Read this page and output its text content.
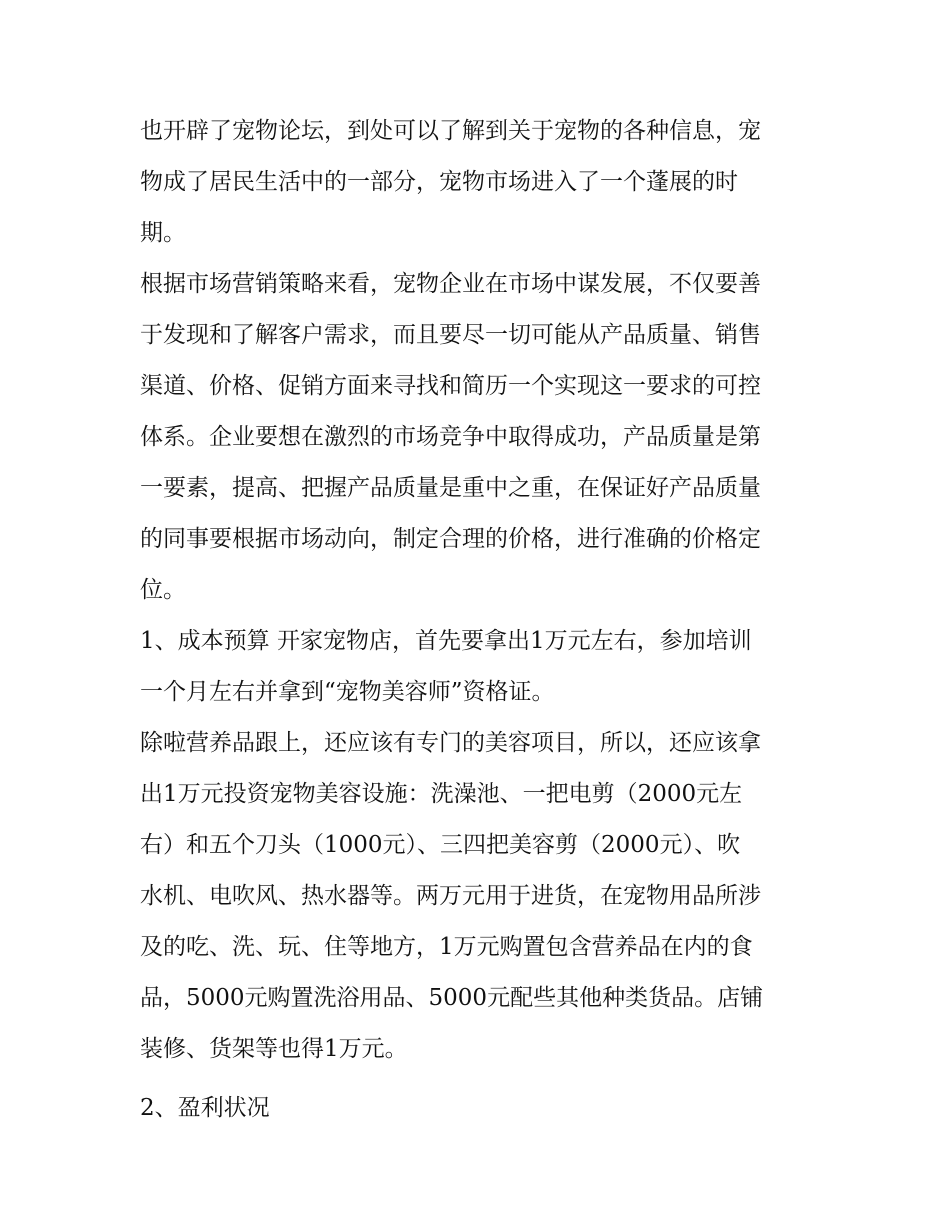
也开辟了宠物论坛，到处可以了解到关于宠物的各种信息，宠
物成了居民生活中的一部分，宠物市场进入了一个蓬展的时
期。
根据市场营销策略来看，宠物企业在市场中谋发展，不仅要善
于发现和了解客户需求，而且要尽一切可能从产品质量、销售
渠道、价格、促销方面来寻找和简历一个实现这一要求的可控
体系。企业要想在激烈的市场竞争中取得成功，产品质量是第
一要素，提高、把握产品质量是重中之重，在保证好产品质量
的同事要根据市场动向，制定合理的价格，进行准确的价格定
位。
1、成本预算 开家宠物店，首先要拿出1万元左右，参加培训
一个月左右并拿到“宠物美容师”资格证。
除啦营养品跟上，还应该有专门的美容项目，所以，还应该拿
出1万元投资宠物美容设施：洗澡池、一把电剪（2000元左
右）和五个刀头（1000元）、三四把美容剪（2000元）、吹
水机、电吹风、热水器等。两万元用于进货，在宠物用品所涉
及的吃、洗、玩、住等地方，1万元购置包含营养品在内的食
品，5000元购置洗浴用品、5000元配些其他种类货品。店铺
装修、货架等也得1万元。
2、盈利状况
